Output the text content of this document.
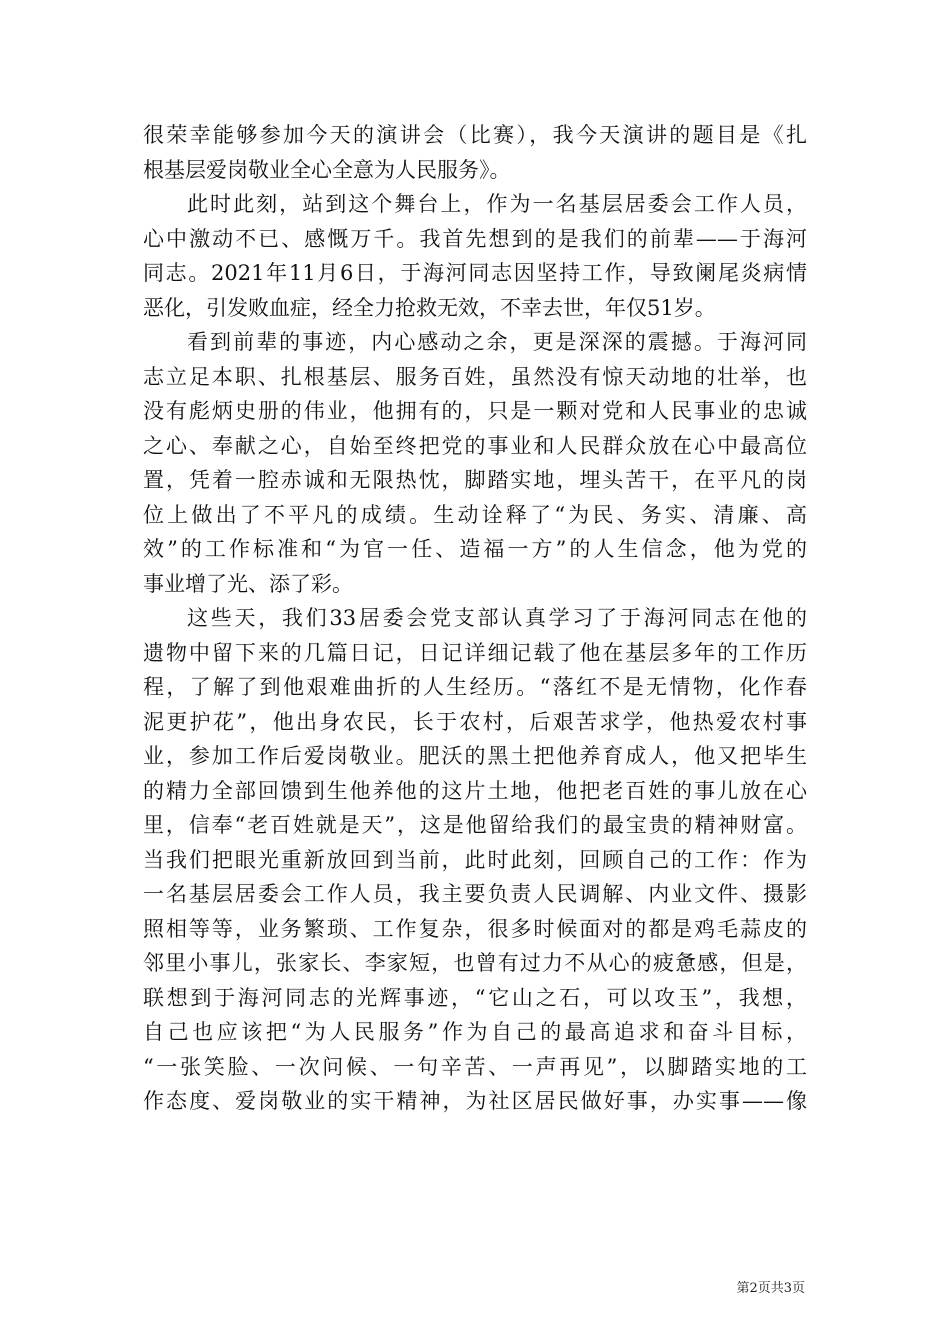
很荣幸能够参加今天的演讲会（比赛），我今天演讲的题目是《扎
根基层爱岗敬业全心全意为人民服务》。
此时此刻，站到这个舞台上，作为一名基层居委会工作人员，
心中激动不已、感慨万千。我首先想到的是我们的前辈——于海河
同志。2021年11月6日，于海河同志因坚持工作，导致阑尾炎病情
恶化，引发败血症，经全力抢救无效，不幸去世，年仅51岁。
看到前辈的事迹，内心感动之余，更是深深的震撼。于海河同
志立足本职、扎根基层、服务百姓，虽然没有惊天动地的壮举，也
没有彪炳史册的伟业，他拥有的，只是一颗对党和人民事业的忠诚
之心、奉献之心，自始至终把党的事业和人民群众放在心中最高位
置，凭着一腔赤诚和无限热忱，脚踏实地，埋头苦干，在平凡的岗
位上做出了不平凡的成绩。生动诠释了“为民、务实、清廉、高
效”的工作标准和“为官一任、造福一方”的人生信念，他为党的
事业增了光、添了彩。
这些天，我们33居委会党支部认真学习了于海河同志在他的
遗物中留下来的几篇日记，日记详细记载了他在基层多年的工作历
程，了解了到他艰难曲折的人生经历。“落红不是无情物，化作春
泥更护花”，他出身农民，长于农村，后艰苦求学，他热爱农村事
业，参加工作后爱岗敬业。肥沃的黑土把他养育成人，他又把毕生
的精力全部回馈到生他养他的这片土地，他把老百姓的事儿放在心
里，信奉“老百姓就是天”，这是他留给我们的最宝贵的精神财富。
当我们把眼光重新放回到当前，此时此刻，回顾自己的工作：作为
一名基层居委会工作人员，我主要负责人民调解、内业文件、摄影
照相等等，业务繁琐、工作复杂，很多时候面对的都是鸡毛蒜皮的
邻里小事儿，张家长、李家短，也曾有过力不从心的疲惫感，但是，
联想到于海河同志的光辉事迹，“它山之石，可以攻玉”，我想，
自己也应该把“为人民服务”作为自己的最高追求和奋斗目标，
“一张笑脸、一次问候、一句辛苦、一声再见”，以脚踏实地的工
作态度、爱岗敬业的实干精神，为社区居民做好事，办实事——像
第2页共3页
